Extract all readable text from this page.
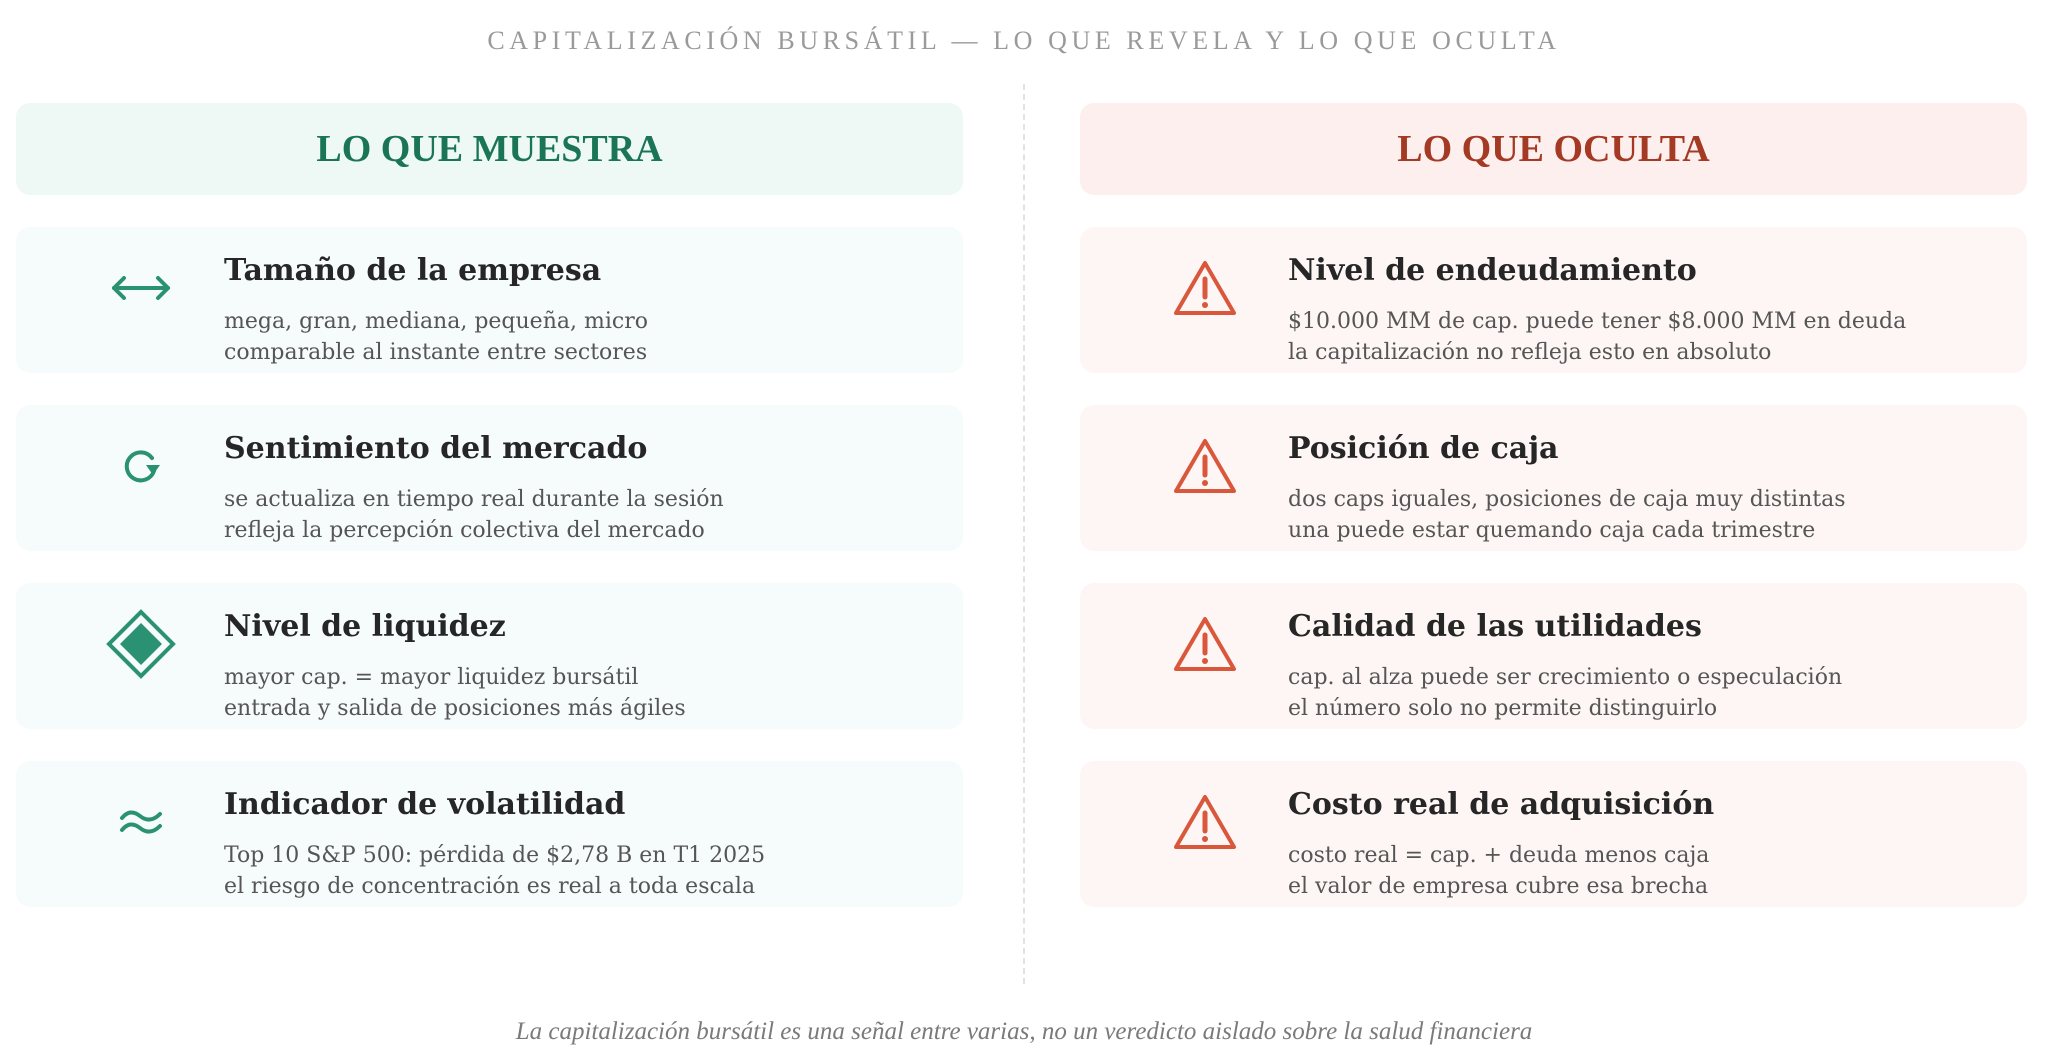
CAPITALIZACIÓN BURSÁTIL — LO QUE REVELA Y LO QUE OCULTA
LO QUE MUESTRA
Tamaño de la empresa
mega, gran, mediana, pequeña, micro
comparable al instante entre sectores
Sentimiento del mercado
se actualiza en tiempo real durante la sesión
refleja la percepción colectiva del mercado
Nivel de liquidez
mayor cap. = mayor liquidez bursátil
entrada y salida de posiciones más ágiles
Indicador de volatilidad
Top 10 S&P 500: pérdida de $2,78 B en T1 2025
el riesgo de concentración es real a toda escala
LO QUE OCULTA
Nivel de endeudamiento
$10.000 MM de cap. puede tener $8.000 MM en deuda
la capitalización no refleja esto en absoluto
Posición de caja
dos caps iguales, posiciones de caja muy distintas
una puede estar quemando caja cada trimestre
Calidad de las utilidades
cap. al alza puede ser crecimiento o especulación
el número solo no permite distinguirlo
Costo real de adquisición
costo real = cap. + deuda menos caja
el valor de empresa cubre esa brecha
La capitalización bursátil es una señal entre varias, no un veredicto aislado sobre la salud financiera
